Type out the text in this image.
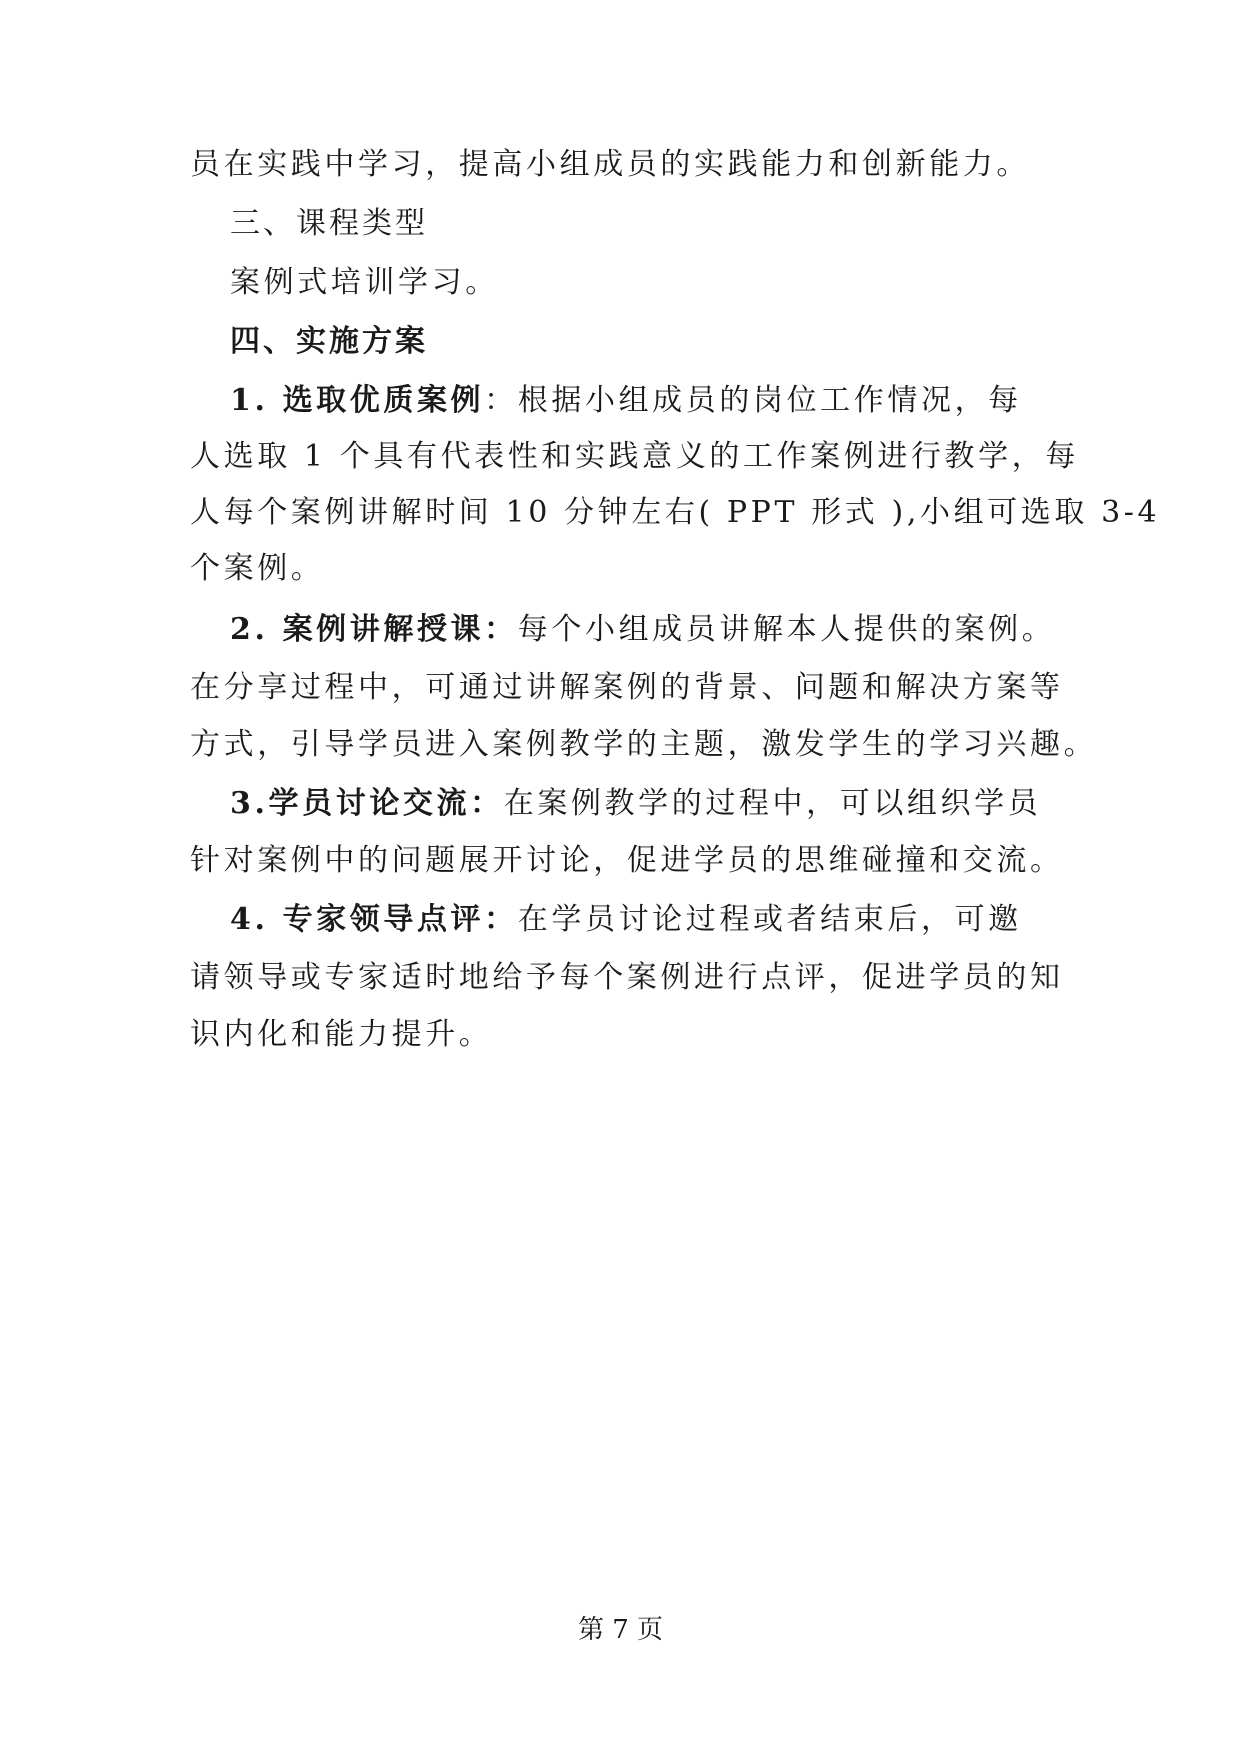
员在实践中学习，提高小组成员的实践能力和创新能力。
三、课程类型
案例式培训学习。
四、实施方案
1. 选取优质案例：根据小组成员的岗位工作情况，每
人选取 1 个具有代表性和实践意义的工作案例进行教学，每
人每个案例讲解时间 10 分钟左右( PPT 形式 ),小组可选取 3-4
个案例。
2. 案例讲解授课：每个小组成员讲解本人提供的案例。
在分享过程中，可通过讲解案例的背景、问题和解决方案等
方式，引导学员进入案例教学的主题，激发学生的学习兴趣。
3.学员讨论交流：在案例教学的过程中，可以组织学员
针对案例中的问题展开讨论，促进学员的思维碰撞和交流。
4. 专家领导点评：在学员讨论过程或者结束后，可邀
请领导或专家适时地给予每个案例进行点评，促进学员的知
识内化和能力提升。
第 7 页
